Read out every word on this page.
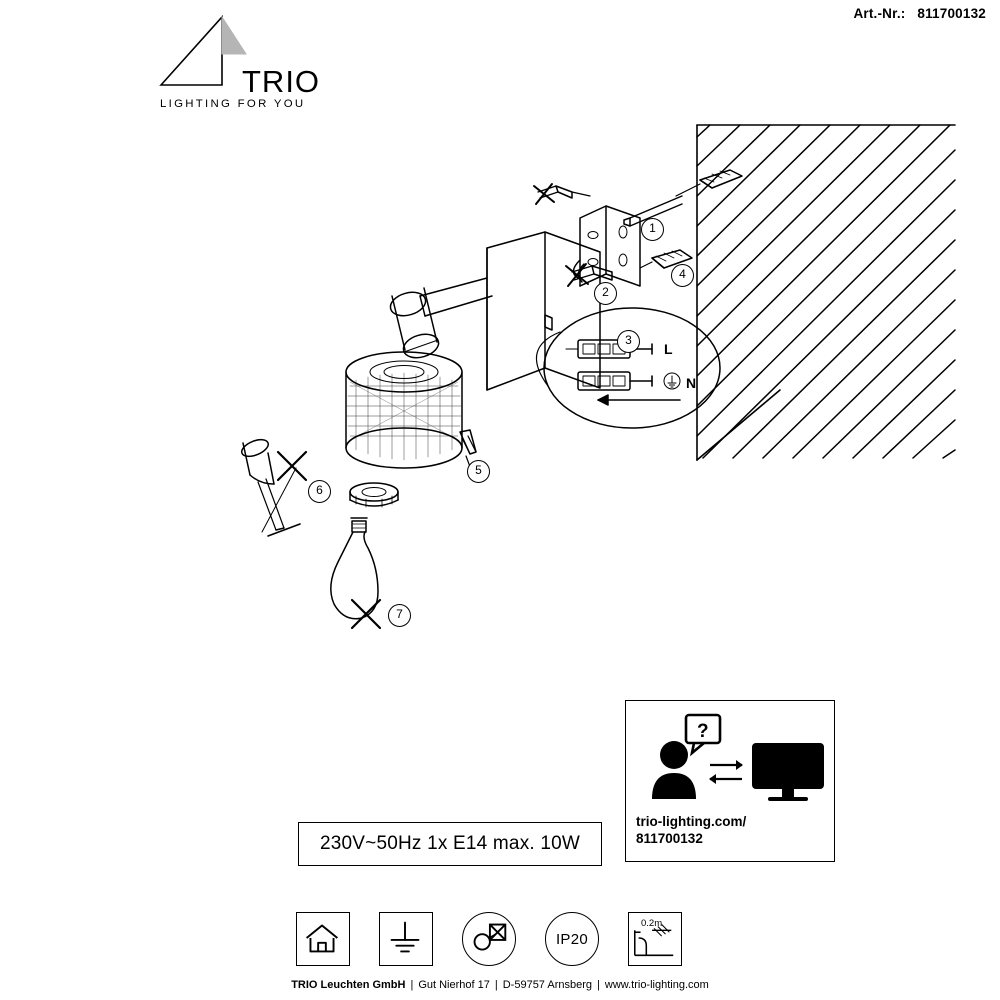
Art.-Nr.: 811700132
TRIO
LIGHTING FOR YOU
L
N
1
2
3
4
5
6
7
230V~50Hz 1x E14 max. 10W
?
trio-lighting.com/
811700132
IP20
0.2m
TRIO Leuchten GmbH | Gut Nierhof 17 | D-59757 Arnsberg | www.trio-lighting.com
